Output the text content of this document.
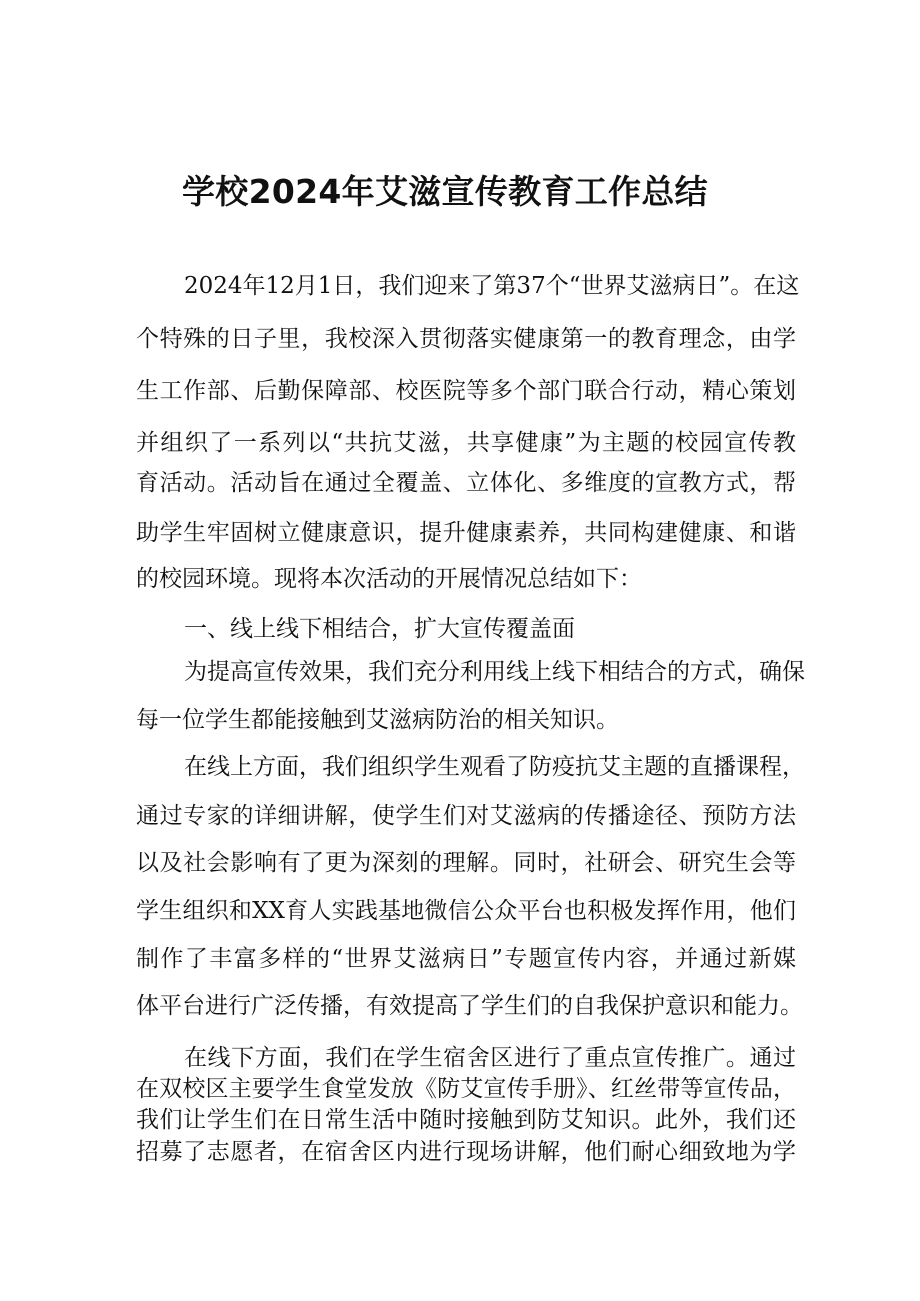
学校2024年艾滋宣传教育工作总结

2024年12月1日，我们迎来了第37个“世界艾滋病日”。在这

个特殊的日子里，我校深入贯彻落实健康第一的教育理念，由学

生工作部、后勤保障部、校医院等多个部门联合行动，精心策划

并组织了一系列以“共抗艾滋，共享健康”为主题的校园宣传教

育活动。活动旨在通过全覆盖、立体化、多维度的宣教方式，帮

助学生牢固树立健康意识，提升健康素养，共同构建健康、和谐

的校园环境。现将本次活动的开展情况总结如下：

一、线上线下相结合，扩大宣传覆盖面

为提高宣传效果，我们充分利用线上线下相结合的方式，确保

每一位学生都能接触到艾滋病防治的相关知识。

在线上方面，我们组织学生观看了防疫抗艾主题的直播课程，

通过专家的详细讲解，使学生们对艾滋病的传播途径、预防方法

以及社会影响有了更为深刻的理解。同时，社研会、研究生会等

学生组织和XX育人实践基地微信公众平台也积极发挥作用，他们

制作了丰富多样的“世界艾滋病日”专题宣传内容，并通过新媒

体平台进行广泛传播，有效提高了学生们的自我保护意识和能力。

在线下方面，我们在学生宿舍区进行了重点宣传推广。通过

在双校区主要学生食堂发放《防艾宣传手册》、红丝带等宣传品，

我们让学生们在日常生活中随时接触到防艾知识。此外，我们还

招募了志愿者，在宿舍区内进行现场讲解，他们耐心细致地为学
